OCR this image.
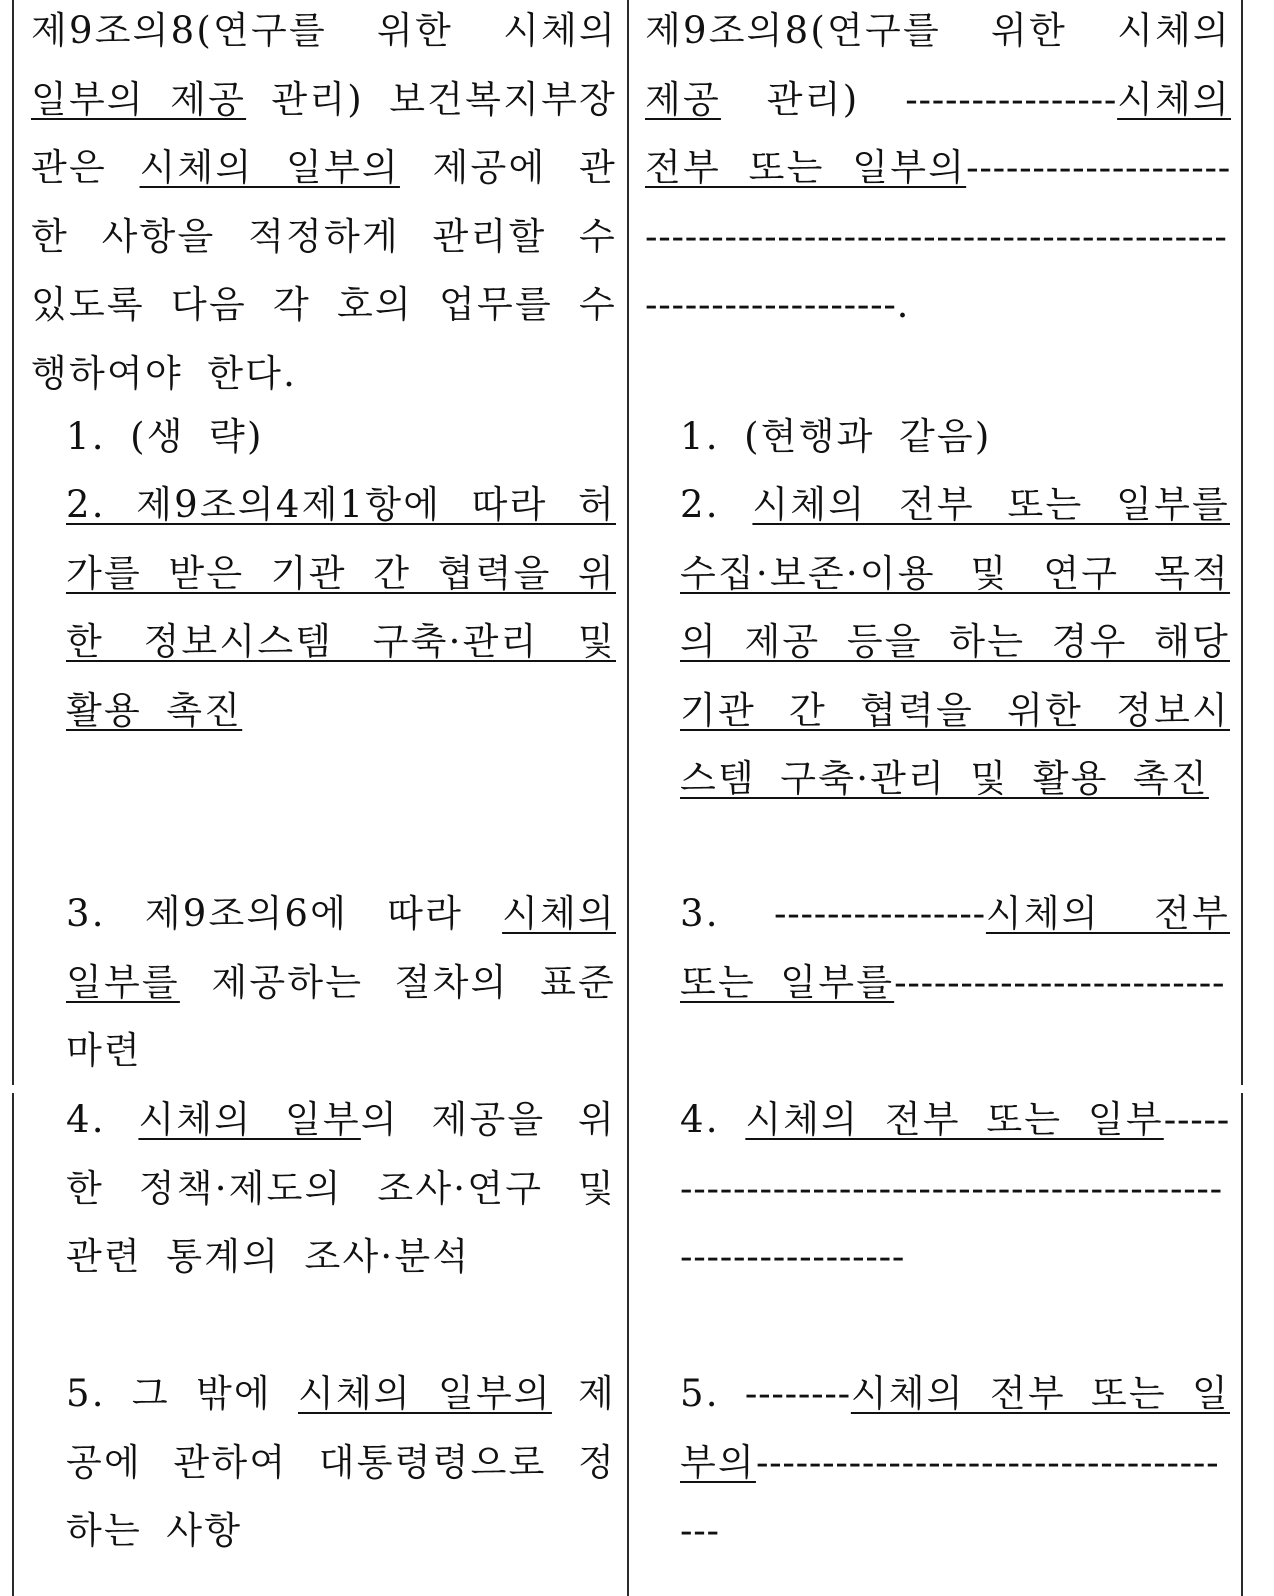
제9조의8(연구를 위한 시체의 일부의 제공 관리) 보건복지부장관은 시체의 일부의 제공에 관한 사항을 적정하게 관리할 수 있도록 다음 각 호의 업무를 수행하여야 한다.

1. (생 략)

2. 제9조의4제1항에 따라 허가를 받은 기관 간 협력을 위한 정보시스템 구축·관리 및 활용 촉진

3. 제9조의6에 따라 시체의 일부를 제공하는 절차의 표준 마련

4. 시체의 일부의 제공을 위한 정책·제도의 조사·연구 및 관련 통계의 조사·분석

5. 그 밖에 시체의 일부의 제공에 관하여 대통령령으로 정하는 사항

제9조의8(연구를 위한 시체의 제공 관리) ----------------시체의 전부 또는 일부의-----------------------------------------------------------------------------------.

1. (현행과 같음)

2. 시체의 전부 또는 일부를 수집·보존·이용 및 연구 목적의 제공 등을 하는 경우 해당 기관 간 협력을 위한 정보시스템 구축·관리 및 활용 촉진

3. ----------------시체의 전부 또는 일부를-------------------------

4. 시체의 전부 또는 일부---------------------------------------------------------------

5. --------시체의 전부 또는 일부의--------------------------------------
